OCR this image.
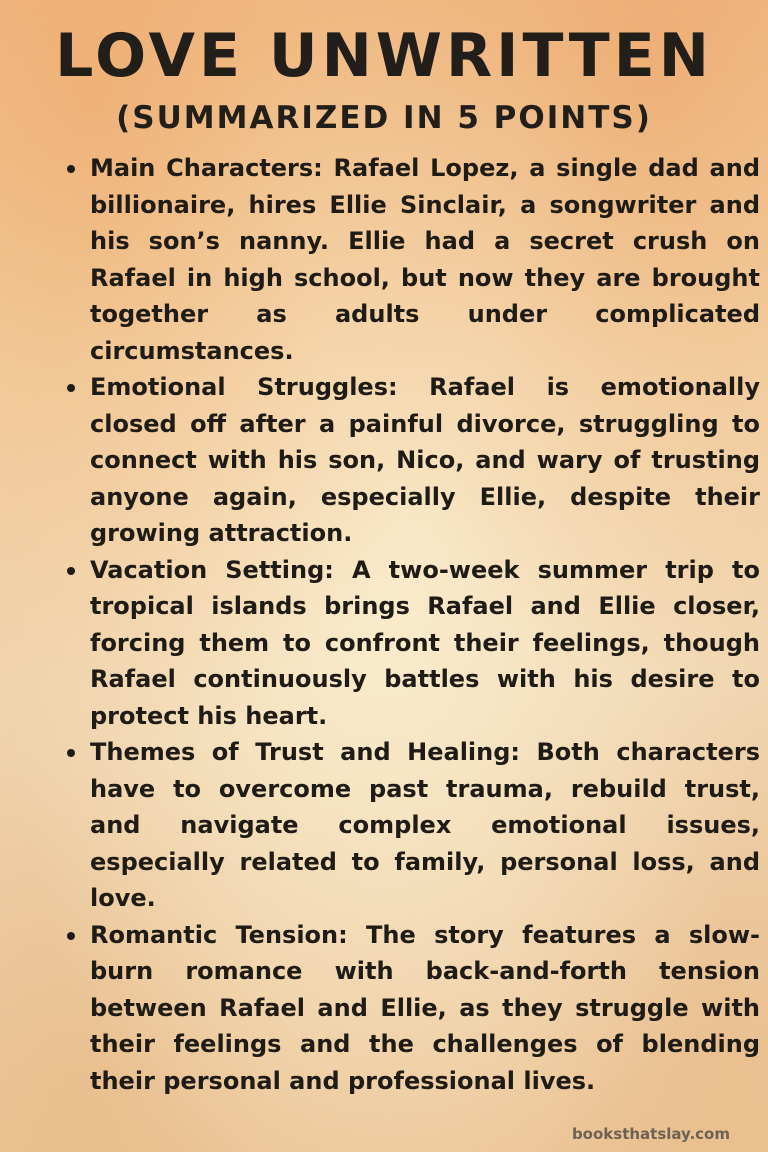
LOVE UNWRITTEN
(SUMMARIZED IN 5 POINTS)
Main Characters: Rafael Lopez, a single dad and billionaire, hires Ellie Sinclair, a songwriter and his son’s nanny. Ellie had a secret crush on Rafael in high school, but now they are brought together as adults under complicated circumstances.
Emotional Struggles: Rafael is emotionally closed off after a painful divorce, struggling to connect with his son, Nico, and wary of trusting anyone again, especially Ellie, despite their growing attraction.
Vacation Setting: A two-week summer trip to tropical islands brings Rafael and Ellie closer, forcing them to confront their feelings, though Rafael continuously battles with his desire to protect his heart.
Themes of Trust and Healing: Both characters have to overcome past trauma, rebuild trust, and navigate complex emotional issues, especially related to family, personal loss, and love.
Romantic Tension: The story features a slow-burn romance with back-and-forth tension between Rafael and Ellie, as they struggle with their feelings and the challenges of blending their personal and professional lives.
booksthatslay.com
